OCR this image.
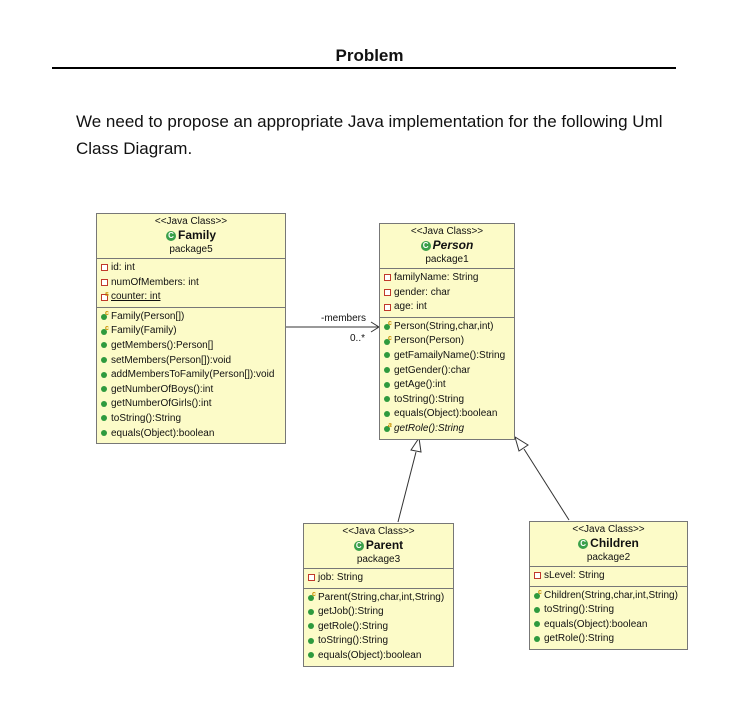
Problem
We need to propose an appropriate Java implementation for the following Uml Class Diagram.
-members
0..*
<<Java Class>>
C Family
package5
id: int
numOfMembers: int
scounter: int
cFamily(Person[])
cFamily(Family)
getMembers():Person[]
setMembers(Person[]):void
addMembersToFamily(Person[]):void
getNumberOfBoys():int
getNumberOfGirls():int
toString():String
equals(Object):boolean
<<Java Class>>
C Person
package1
familyName: String
gender: char
age: int
cPerson(String,char,int)
cPerson(Person)
getFamailyName():String
getGender():char
getAge():int
toString():String
equals(Object):boolean
agetRole():String
<<Java Class>>
C Parent
package3
job: String
cParent(String,char,int,String)
getJob():String
getRole():String
toString():String
equals(Object):boolean
<<Java Class>>
C Children
package2
sLevel: String
cChildren(String,char,int,String)
toString():String
equals(Object):boolean
getRole():String
